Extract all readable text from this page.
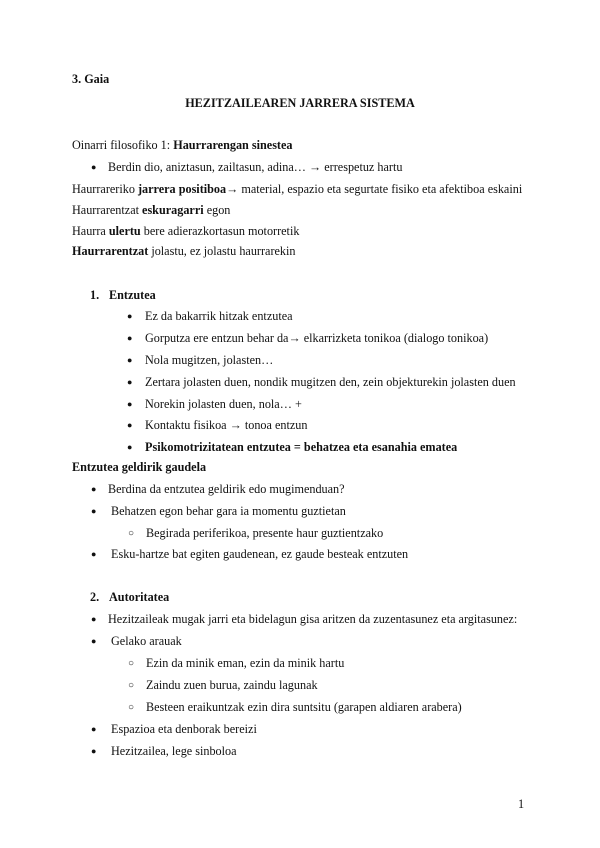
3. Gaia
HEZITZAILEAREN JARRERA SISTEMA
Oinarri filosofiko 1: Haurrarengan sinestea
● Berdin dio, aniztasun, zailtasun, adina… → errespetuz hartu
Haurrareriko jarrera positiboa→ material, espazio eta segurtate fisiko eta afektiboa eskaini
Haurrarentzat eskuragarri egon
Haurra ulertu bere adierazkortasun motorretik
Haurrarentzat jolastu, ez jolastu haurrarekin
1. Entzutea
● Ez da bakarrik hitzak entzutea
● Gorputza ere entzun behar da→ elkarrizketa tonikoa (dialogo tonikoa)
● Nola mugitzen, jolasten…
● Zertara jolasten duen, nondik mugitzen den, zein objekturekin jolasten duen
● Norekin jolasten duen, nola… +
● Kontaktu fisikoa → tonoa entzun
● Psikomotrizitatean entzutea = behatzea eta esanahia ematea
Entzutea geldirik gaudela
● Berdina da entzutea geldirik edo mugimenduan?
● Behatzen egon behar gara ia momentu guztietan
○ Begirada periferikoa, presente haur guztientzako
● Esku-hartze bat egiten gaudenean, ez gaude besteak entzuten
2. Autoritatea
● Hezitzaileak mugak jarri eta bidelagun gisa aritzen da zuzentasunez eta argitasunez:
● Gelako arauak
○ Ezin da minik eman, ezin da minik hartu
○ Zaindu zuen burua, zaindu lagunak
○ Besteen eraikuntzak ezin dira suntsitu (garapen aldiaren arabera)
● Espazioa eta denborak bereizi
● Hezitzailea, lege sinboloa
1
